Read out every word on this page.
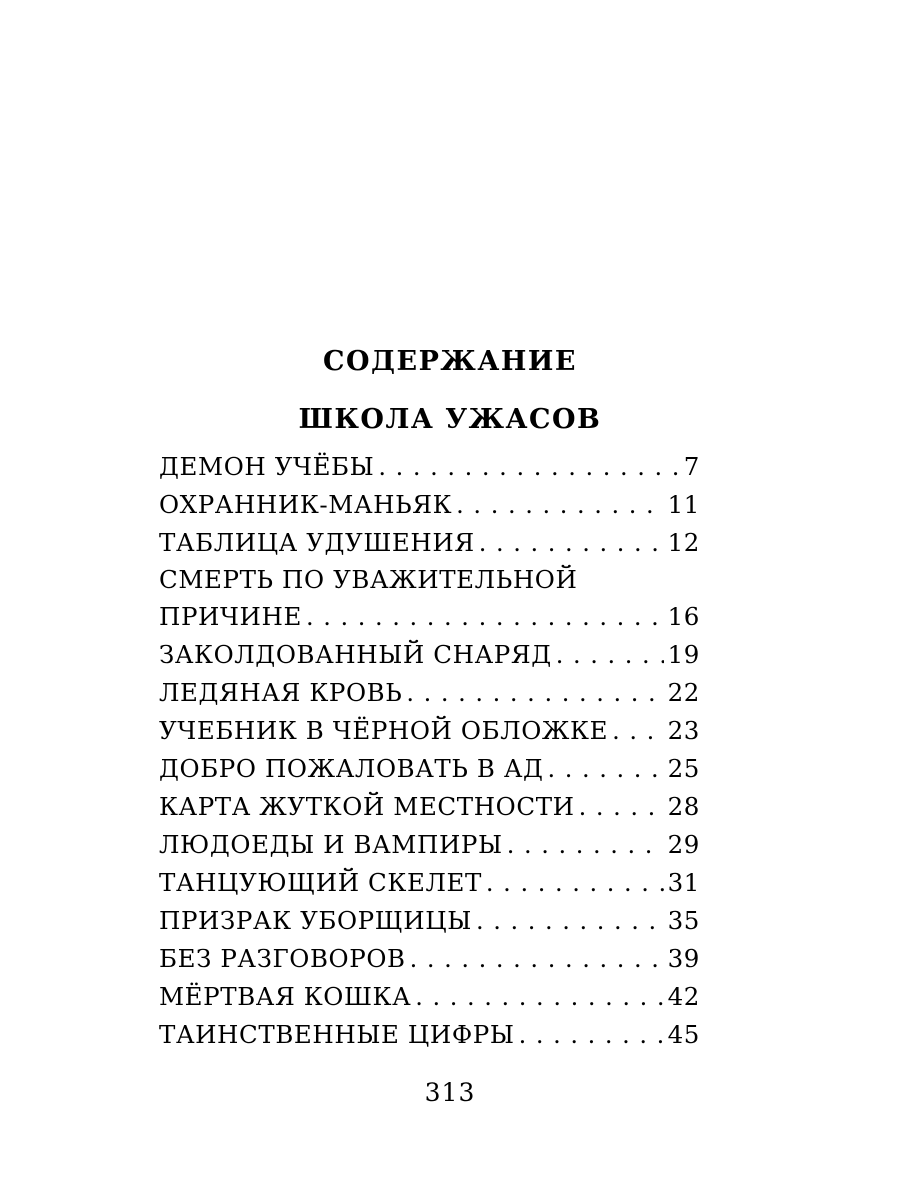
СОДЕРЖАНИЕ
ШКОЛА УЖАСОВ
ДЕМОН УЧЁБЫ . . .	7
ОХРАННИК-МАНЬЯК . . .	11
ТАБЛИЦА УДУШЕНИЯ . . .	12
СМЕРТЬ ПО УВАЖИТЕЛЬНОЙ
ПРИЧИНЕ . . .	16
ЗАКОЛДОВАННЫЙ СНАРЯД . . .	19
ЛЕДЯНАЯ КРОВЬ . . .	22
УЧЕБНИК В ЧЁРНОЙ ОБЛОЖКЕ . . . 23
ДОБРО ПОЖАЛОВАТЬ В АД . . .	25
КАРТА ЖУТКОЙ МЕСТНОСТИ . . .	28
ЛЮДОЕДЫ И ВАМПИРЫ . . .	29
ТАНЦУЮЩИЙ СКЕЛЕТ . . .	31
ПРИЗРАК УБОРЩИЦЫ . . .	35
БЕЗ РАЗГОВОРОВ . . .	39
МЁРТВАЯ КОШКА . . .	42
ТАИНСТВЕННЫЕ ЦИФРЫ . . .	45
313
